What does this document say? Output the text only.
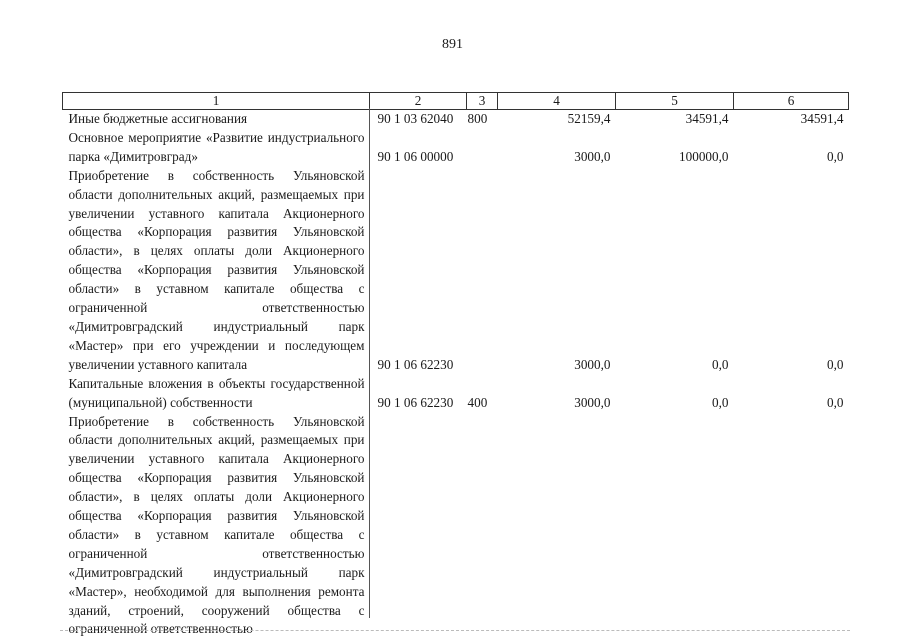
891
1	2	3	4	5	6
Иные бюджетные ассигнования	90 1 03 62040	800	52159,4	34591,4	34591,4
Основное мероприятие «Развитие индустриального парка «Димитровград»	90 1 06 00000		3000,0	100000,0	0,0
Приобретение в собственность Ульяновской области дополнительных акций, размещаемых при увеличении уставного капитала Акционерного общества «Корпорация развития Ульяновской области», в целях оплаты доли Акционерного общества «Корпорация развития Ульяновской области» в уставном капитале общества с ограниченной ответственностью «Димитровградский индустриальный парк «Мастер» при его учреждении и последующем увеличении уставного капитала	90 1 06 62230		3000,0	0,0	0,0
Капитальные вложения в объекты государственной (муниципальной) собственности	90 1 06 62230	400	3000,0	0,0	0,0
Приобретение в собственность Ульяновской области дополнительных акций, размещаемых при увеличении уставного капитала Акционерного общества «Корпорация развития Ульяновской области», в целях оплаты доли Акционерного общества «Корпорация развития Ульяновской области» в уставном капитале общества с ограниченной ответственностью «Димитровградский индустриальный парк «Мастер», необходимой для выполнения ремонта зданий, строений, сооружений общества с ограниченной ответственностью					
